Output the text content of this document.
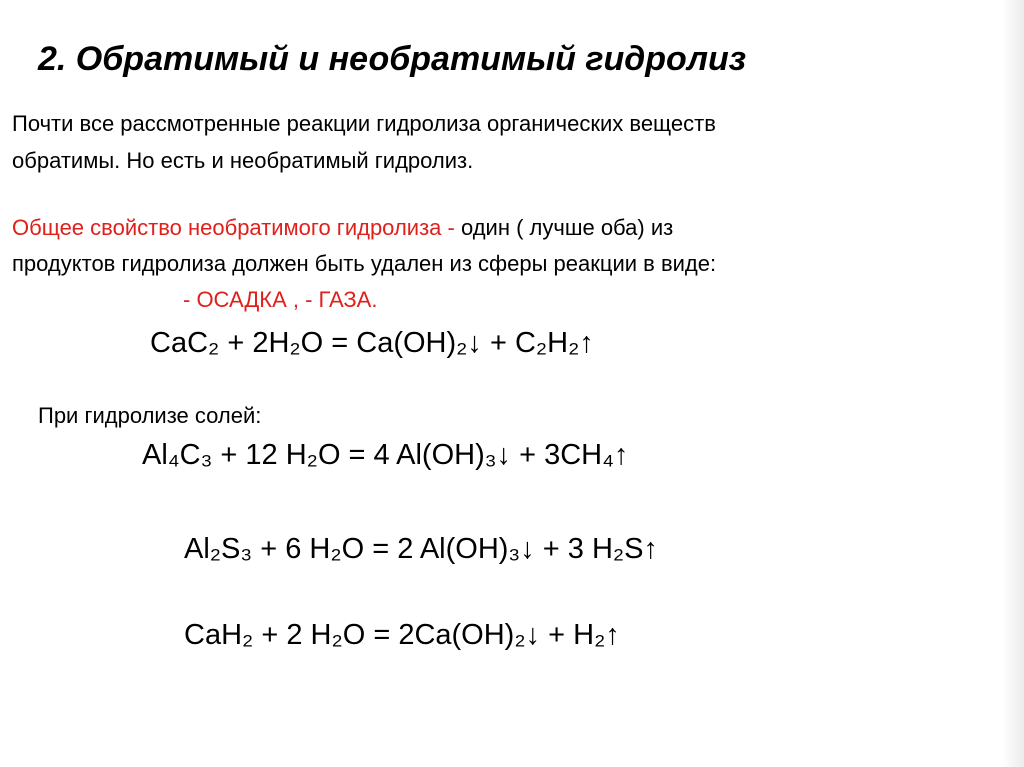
2. Обратимый и необратимый гидролиз
Почти все рассмотренные реакции гидролиза органических веществ
обратимы. Но есть и необратимый гидролиз.
Общее свойство необратимого гидролиза - один ( лучше оба) из
продуктов гидролиза должен быть удален из сферы реакции в виде:
- ОСАДКА , - ГАЗА.
CaC₂ + 2H₂O = Ca(OH)₂↓ + C₂H₂↑
При гидролизе солей:
Al₄C₃ + 12 H₂O = 4 Al(OH)₃↓ + 3CH₄↑
Al₂S₃ + 6 H₂O = 2 Al(OH)₃↓ + 3 H₂S↑
CaH₂ + 2 H₂O = 2Ca(OH)₂↓ + H₂↑
